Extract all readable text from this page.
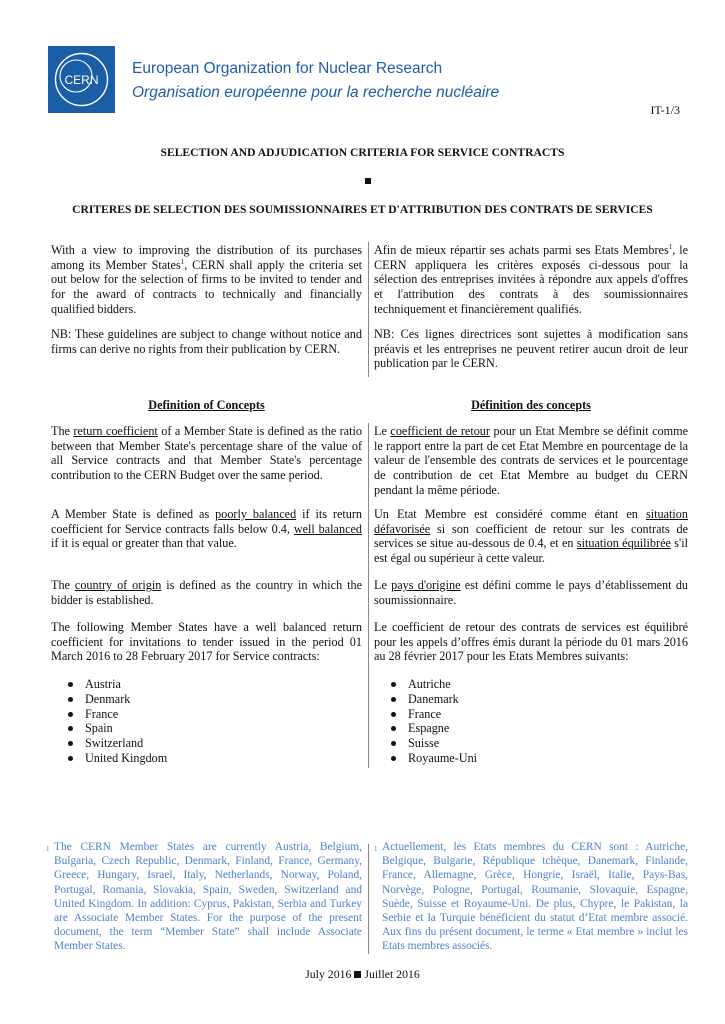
CERN
European Organization for Nuclear Research
Organisation européenne pour la recherche nucléaire
IT-1/3
SELECTION AND ADJUDICATION CRITERIA FOR SERVICE CONTRACTS
CRITERES DE SELECTION DES SOUMISSIONNAIRES ET D'ATTRIBUTION DES CONTRATS DE SERVICES

With a view to improving the distribution of its purchases among its Member States$^1$, CERN shall apply the criteria set out below for the selection of firms to be invited to tender and for the award of contracts to technically and financially qualified bidders.

NB: These guidelines are subject to change without notice and firms can derive no rights from their publication by CERN.

Definition of Concepts

The return coefficient of a Member State is defined as the ratio between that Member State's percentage share of the value of all Service contracts and that Member State's percentage contribution to the CERN Budget over the same period.

A Member State is defined as poorly balanced if its return coefficient for Service contracts falls below 0.4, well balanced if it is equal or greater than that value.

The country of origin is defined as the country in which the bidder is established.

The following Member States have a well balanced return coefficient for invitations to tender issued in the period 01 March 2016 to 28 February 2017 for Service contracts:

Austria
Denmark
France
Spain
Switzerland
United Kingdom

Afin de mieux répartir ses achats parmi ses Etats Membres$^1$, le CERN appliquera les critères exposés ci-dessous pour la sélection des entreprises invitées à répondre aux appels d'offres et l'attribution des contrats à des soumissionnaires techniquement et financièrement qualifiés.

NB: Ces lignes directrices sont sujettes à modification sans préavis et les entreprises ne peuvent retirer aucun droit de leur publication par le CERN.

Définition des concepts

Le coefficient de retour pour un Etat Membre se définit comme le rapport entre la part de cet Etat Membre en pourcentage de la valeur de l'ensemble des contrats de services et le pourcentage de contribution de cet Etat Membre au budget du CERN pendant la même période.

Un Etat Membre est considéré comme étant en situation défavorisée si son coefficient de retour sur les contrats de services se situe au-dessous de 0.4, et en situation équilibrée s'il est égal ou supérieur à cette valeur.

Le pays d'origine est défini comme le pays d’établissement du soumissionnaire.

Le coefficient de retour des contrats de services est équilibré pour les appels d’offres émis durant la période du 01 mars 2016 au 28 février 2017 pour les Etats Membres suivants:

Autriche
Danemark
France
Espagne
Suisse
Royaume-Uni
1 The CERN Member States are currently Austria, Belgium, Bulgaria, Czech Republic, Denmark, Finland, France, Germany, Greece, Hungary, Israel, Italy, Netherlands, Norway, Poland, Portugal, Romania, Slovakia, Spain, Sweden, Switzerland and United Kingdom. In addition: Cyprus, Pakistan, Serbia and Turkey are Associate Member States. For the purpose of the present document, the term “Member State” shall include Associate Member States.
1 Actuellement, les Etats membres du CERN sont : Autriche, Belgique, Bulgarie, République tchèque, Danemark, Finlande, France, Allemagne, Grèce, Hongrie, Israël, Italie, Pays-Bas, Norvège, Pologne, Portugal, Roumanie, Slovaquie, Espagne, Suède, Suisse et Royaume-Uni. De plus, Chypre, le Pakistan, la Serbie et la Turquie bénéficient du statut d’Etat membre associé. Aux fins du présent document, le terme « Etat membre » inclut les Etats membres associés.
July 2016 Juillet 2016
